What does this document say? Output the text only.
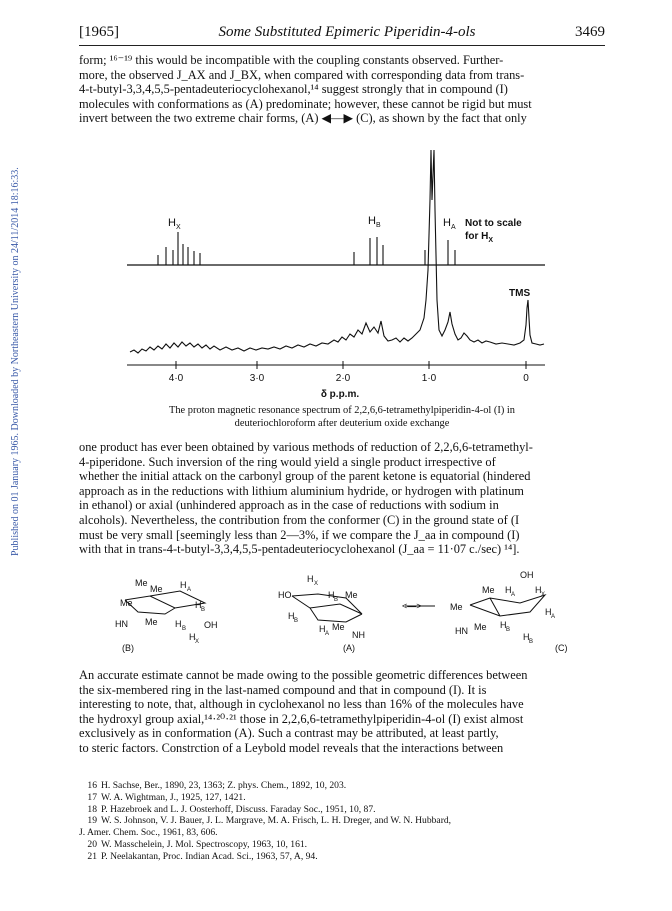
Published on 01 January 1965. Downloaded by Northeastern University on 24/11/2014 18:16:33.
[1965]	Some Substituted Epimeric Piperidin-4-ols	3469
form; ¹⁶⁻¹⁹ this would be incompatible with the coupling constants observed. Further-
more, the observed J_AX and J_BX, when compared with corresponding data from trans-
4-t-butyl-3,3,4,5,5-pentadeuteriocyclohexanol,¹⁴ suggest strongly that in compound (I)
molecules with conformations as (A) predominate; however, these cannot be rigid but must
invert between the two extreme chair forms, (A) ◀—▶ (C), as shown by the fact that only
$H_X$
$H_B$	$H_A$ Not to scale
for $H_X$
TMS
4·0	3·0	2·0	1·0	0
δ p.p.m.
The proton magnetic resonance spectrum of 2,2,6,6-tetramethylpiperidin-4-ol (I) in
deuteriochloroform after deuterium oxide exchange
one product has ever been obtained by various methods of reduction of 2,2,6,6-tetramethyl-
4-piperidone. Such inversion of the ring would yield a single product irrespective of
whether the initial attack on the carbonyl group of the parent ketone is equatorial (hindered
approach as in the reductions with lithium aluminium hydride, or hydrogen with platinum
in ethanol) or axial (unhindered approach as in the case of reductions with sodium in
alcohols). Nevertheless, the contribution from the conformer (C) in the ground state of (I
must be very small [seemingly less than 2—3%, if we compare the J_aa in compound (I)
with that in trans-4-t-butyl-3,3,4,5,5-pentadeuteriocyclohexanol (J_aa = 11·07 c./sec) ¹⁴].
Me
Me
Me
H A
H B
HN Me H B OH
H X
(B)
H X
HO	H B Me
H B
H A
Me
NH
(A)
<—>
OH
Me H A H X
Me	H A
HN Me H B
H B
(C)
An accurate estimate cannot be made owing to the possible geometric differences between
the six-membered ring in the last-named compound and that in compound (I). It is
interesting to note, that, although in cyclohexanol no less than 16% of the molecules have
the hydroxyl group axial,¹⁴·²⁰·²¹ those in 2,2,6,6-tetramethylpiperidin-4-ol (I) exist almost
exclusively as in conformation (A). Such a contrast may be attributed, at least partly,
to steric factors. Constrction of a Leybold model reveals that the interactions between

16 H. Sachse, Ber., 1890, 23, 1363; Z. phys. Chem., 1892, 10, 203.

17 W. A. Wightman, J., 1925, 127, 1421.

18 P. Hazebroek and L. J. Oosterhoff, Discuss. Faraday Soc., 1951, 10, 87.

19 W. S. Johnson, V. J. Bauer, J. L. Margrave, M. A. Frisch, L. H. Dreger, and W. N. Hubbard,

J. Amer. Chem. Soc., 1961, 83, 606.

20 W. Masschelein, J. Mol. Spectroscopy, 1963, 10, 161.

21 P. Neelakantan, Proc. Indian Acad. Sci., 1963, 57, A, 94.
